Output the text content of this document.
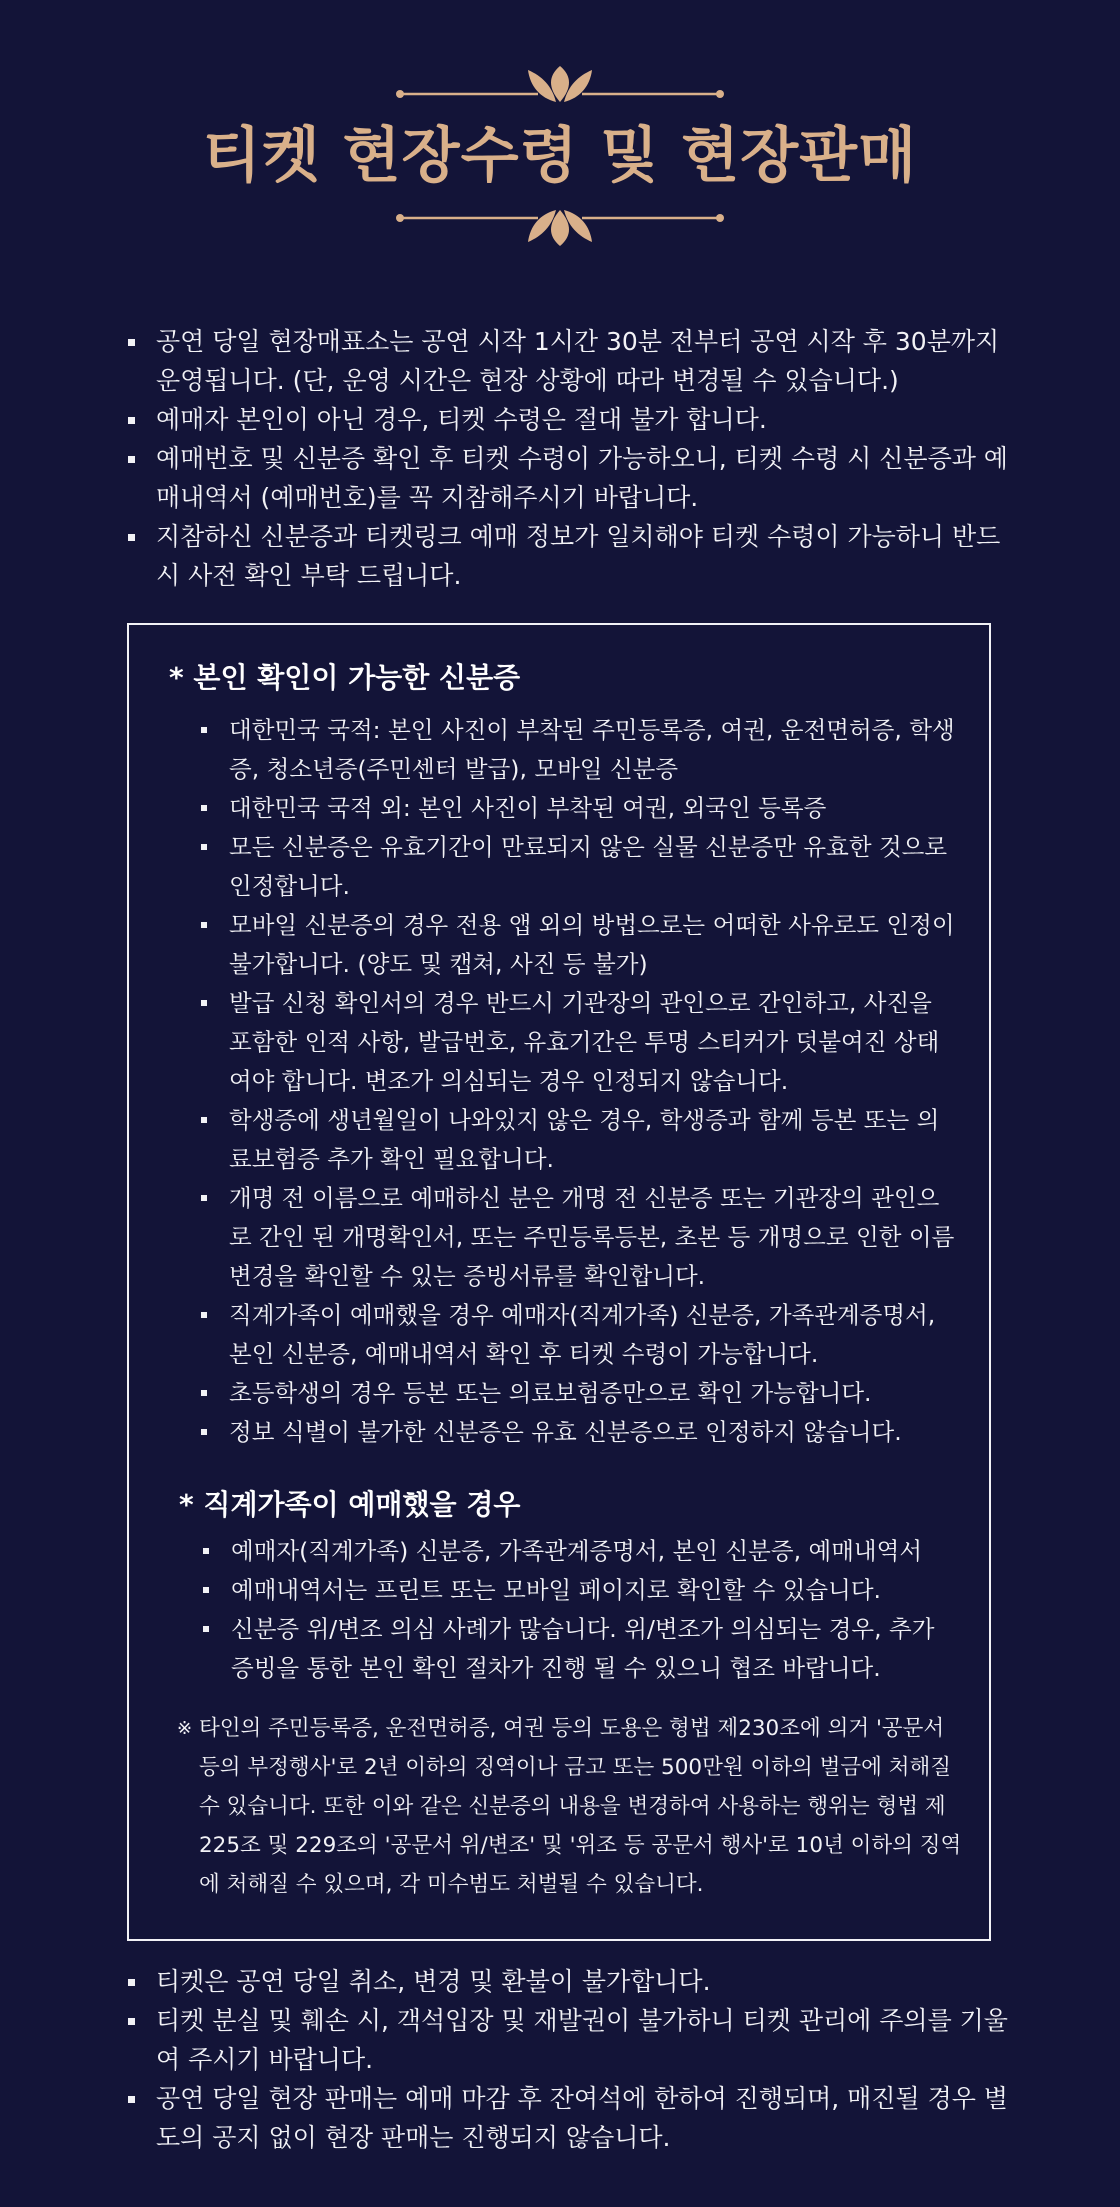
티켓 현장수령 및 현장판매
공연 당일 현장매표소는 공연 시작 1시간 30분 전부터 공연 시작 후 30분까지 운영됩니다. (단, 운영 시간은 현장 상황에 따라 변경될 수 있습니다.)
예매자 본인이 아닌 경우, 티켓 수령은 절대 불가 합니다.
예매번호 및 신분증 확인 후 티켓 수령이 가능하오니, 티켓 수령 시 신분증과 예매내역서 (예매번호)를 꼭 지참해주시기 바랍니다.
지참하신 신분증과 티켓링크 예매 정보가 일치해야 티켓 수령이 가능하니 반드시 사전 확인 부탁 드립니다.
* 본인 확인이 가능한 신분증
대한민국 국적: 본인 사진이 부착된 주민등록증, 여권, 운전면허증, 학생증, 청소년증(주민센터 발급), 모바일 신분증
대한민국 국적 외: 본인 사진이 부착된 여권, 외국인 등록증
모든 신분증은 유효기간이 만료되지 않은 실물 신분증만 유효한 것으로 인정합니다.
모바일 신분증의 경우 전용 앱 외의 방법으로는 어떠한 사유로도 인정이 불가합니다. (양도 및 캡쳐, 사진 등 불가)
발급 신청 확인서의 경우 반드시 기관장의 관인으로 간인하고, 사진을 포함한 인적 사항, 발급번호, 유효기간은 투명 스티커가 덧붙여진 상태여야 합니다. 변조가 의심되는 경우 인정되지 않습니다.
학생증에 생년월일이 나와있지 않은 경우, 학생증과 함께 등본 또는 의료보험증 추가 확인 필요합니다.
개명 전 이름으로 예매하신 분은 개명 전 신분증 또는 기관장의 관인으로 간인 된 개명확인서, 또는 주민등록등본, 초본 등 개명으로 인한 이름 변경을 확인할 수 있는 증빙서류를 확인합니다.
직계가족이 예매했을 경우 예매자(직계가족) 신분증, 가족관계증명서, 본인 신분증, 예매내역서 확인 후 티켓 수령이 가능합니다.
초등학생의 경우 등본 또는 의료보험증만으로 확인 가능합니다.
정보 식별이 불가한 신분증은 유효 신분증으로 인정하지 않습니다.
* 직계가족이 예매했을 경우
예매자(직계가족) 신분증, 가족관계증명서, 본인 신분증, 예매내역서
예매내역서는 프린트 또는 모바일 페이지로 확인할 수 있습니다.
신분증 위/변조 의심 사례가 많습니다. 위/변조가 의심되는 경우, 추가 증빙을 통한 본인 확인 절차가 진행 될 수 있으니 협조 바랍니다.
※ 타인의 주민등록증, 운전면허증, 여권 등의 도용은 형법 제230조에 의거 '공문서 등의 부정행사'로 2년 이하의 징역이나 금고 또는 500만원 이하의 벌금에 처해질 수 있습니다. 또한 이와 같은 신분증의 내용을 변경하여 사용하는 행위는 형법 제 225조 및 229조의 '공문서 위/변조' 및 '위조 등 공문서 행사'로 10년 이하의 징역에 처해질 수 있으며, 각 미수범도 처벌될 수 있습니다.
티켓은 공연 당일 취소, 변경 및 환불이 불가합니다.
티켓 분실 및 훼손 시, 객석입장 및 재발권이 불가하니 티켓 관리에 주의를 기울여 주시기 바랍니다.
공연 당일 현장 판매는 예매 마감 후 잔여석에 한하여 진행되며, 매진될 경우 별도의 공지 없이 현장 판매는 진행되지 않습니다.
